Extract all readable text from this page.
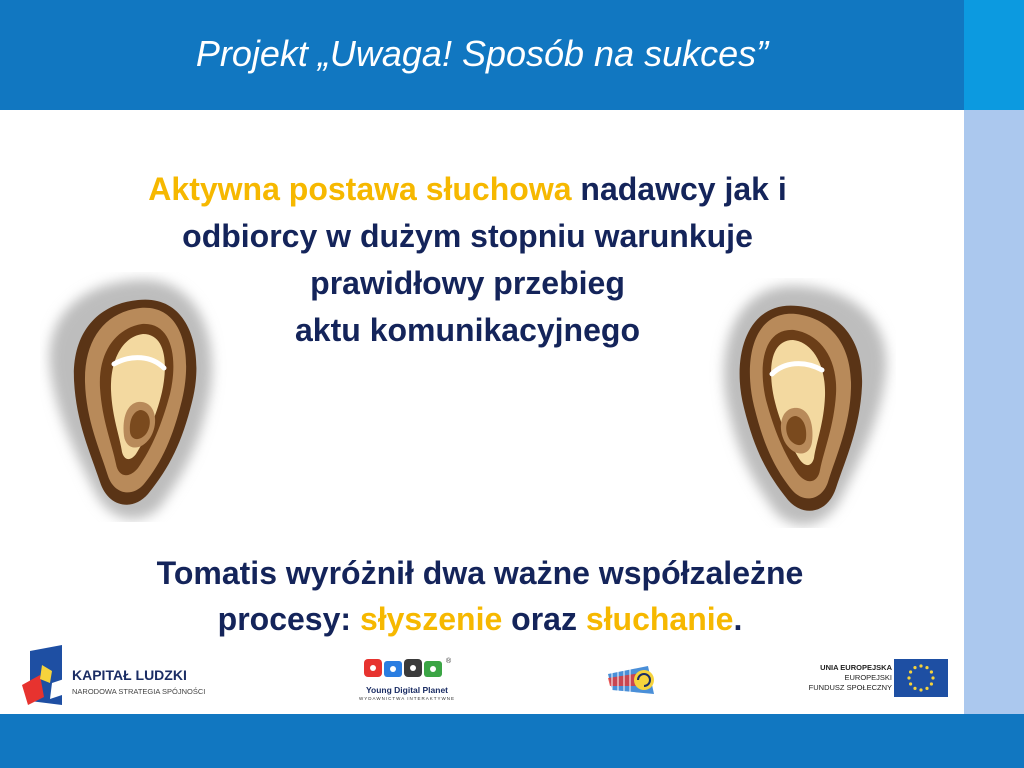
Projekt „Uwaga! Sposób na sukces”
Aktywna postawa słuchowa nadawcy jak i
odbiorcy w dużym stopniu warunkuje
prawidłowy przebieg
aktu komunikacyjnego
Tomatis wyróżnił dwa ważne współzależne
procesy: słyszenie oraz słuchanie.
KAPITAŁ LUDZKI
NARODOWA STRATEGIA SPÓJNOŚCI
®
Young Digital Planet
WYDAWNICTWA INTERAKTYWNE
UNIA EUROPEJSKA
EUROPEJSKI
FUNDUSZ SPOŁECZNY
